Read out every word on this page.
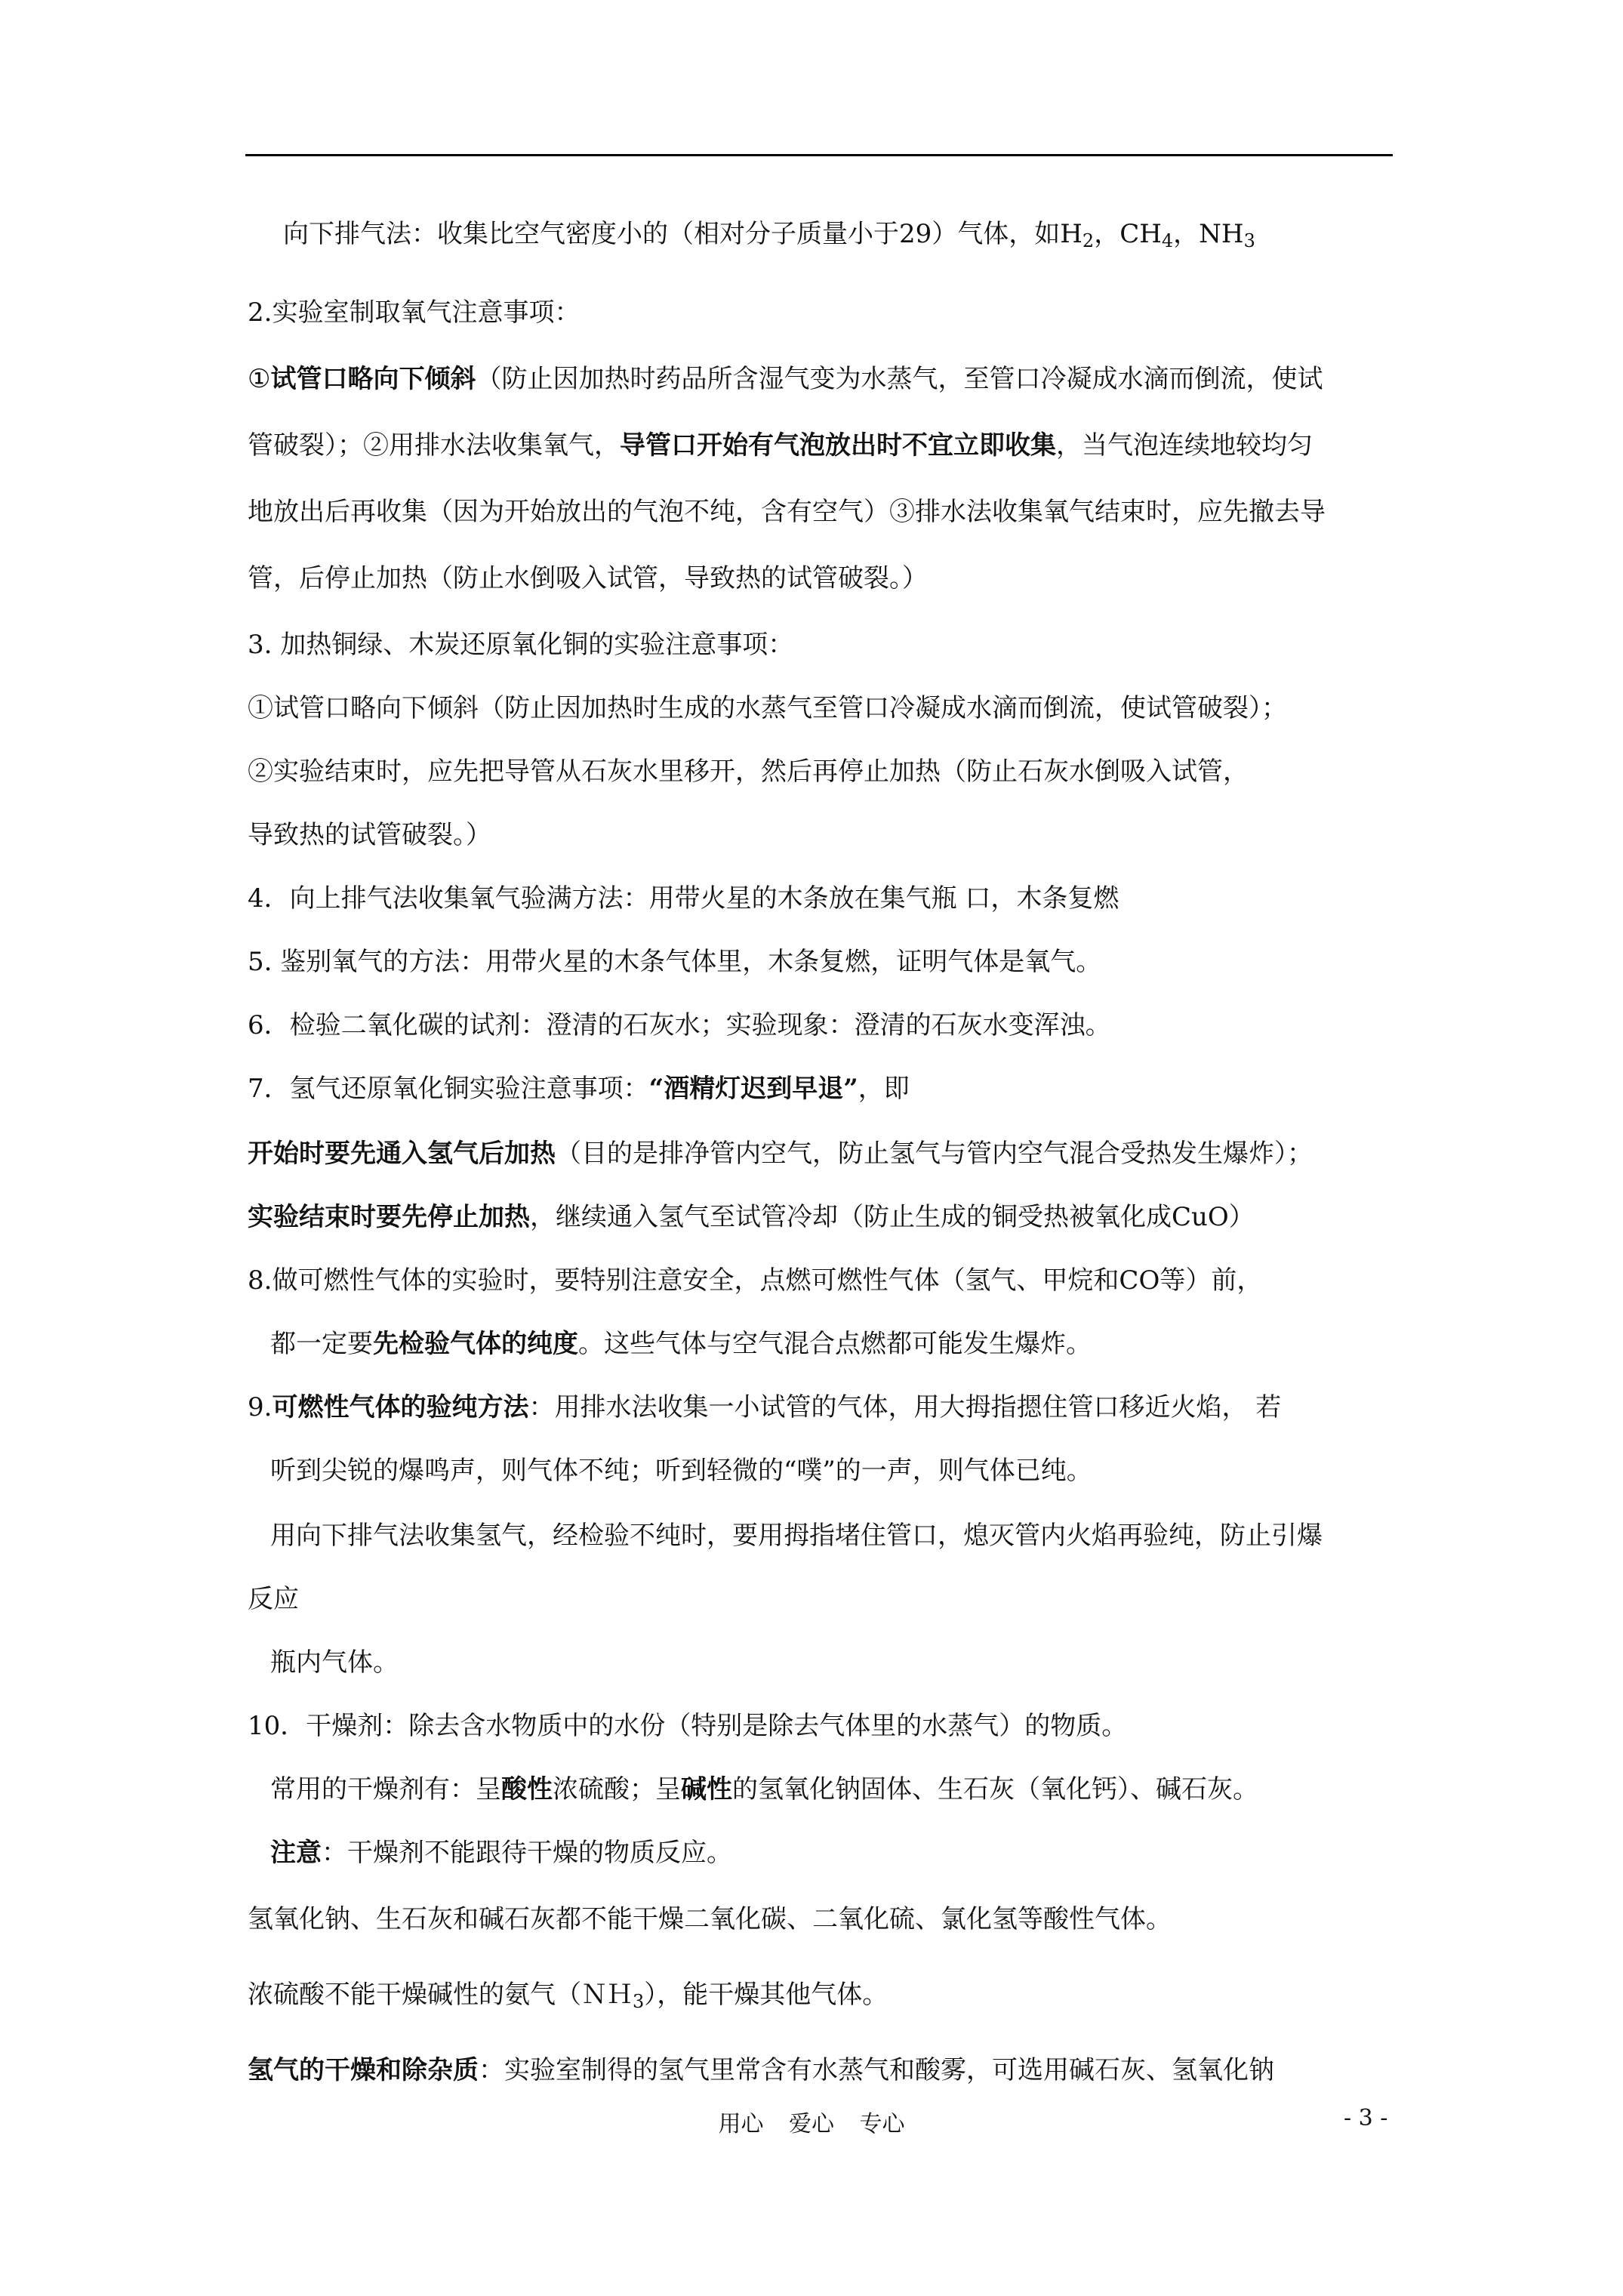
向下排气法：收集比空气密度小的（相对分子质量小于29）气体，如$H_2$，$CH_4$，$NH_3$
2.实验室制取氧气注意事项：
①试管口略向下倾斜（防止因加热时药品所含湿气变为水蒸气，至管口冷凝成水滴而倒流，使试
管破裂）；②用排水法收集氧气，导管口开始有气泡放出时不宜立即收集，当气泡连续地较均匀
地放出后再收集（因为开始放出的气泡不纯，含有空气）③排水法收集氧气结束时，应先撤去导
管，后停止加热（防止水倒吸入试管，导致热的试管破裂。）
3. 加热铜绿、木炭还原氧化铜的实验注意事项：
①试管口略向下倾斜（防止因加热时生成的水蒸气至管口冷凝成水滴而倒流，使试管破裂）；
②实验结束时，应先把导管从石灰水里移开，然后再停止加热（防止石灰水倒吸入试管，
导致热的试管破裂。）
4．向上排气法收集氧气验满方法：用带火星的木条放在集气瓶 口，木条复燃
5. 鉴别氧气的方法：用带火星的木条气体里，木条复燃，证明气体是氧气。
6．检验二氧化碳的试剂：澄清的石灰水；实验现象：澄清的石灰水变浑浊。
7．氢气还原氧化铜实验注意事项：“酒精灯迟到早退”，即
开始时要先通入氢气后加热（目的是排净管内空气，防止氢气与管内空气混合受热发生爆炸）；
实验结束时要先停止加热，继续通入氢气至试管冷却（防止生成的铜受热被氧化成CuO）
8.做可燃性气体的实验时，要特别注意安全，点燃可燃性气体（氢气、甲烷和CO等）前，
都一定要先检验气体的纯度。这些气体与空气混合点燃都可能发生爆炸。
9.可燃性气体的验纯方法：用排水法收集一小试管的气体，用大拇指摁住管口移近火焰， 若
听到尖锐的爆鸣声，则气体不纯；听到轻微的“噗”的一声，则气体已纯。
用向下排气法收集氢气，经检验不纯时，要用拇指堵住管口，熄灭管内火焰再验纯，防止引爆
反应
瓶内气体。
10．干燥剂：除去含水物质中的水份（特别是除去气体里的水蒸气）的物质。
常用的干燥剂有：呈酸性浓硫酸；呈碱性的氢氧化钠固体、生石灰（氧化钙）、碱石灰。
注意：干燥剂不能跟待干燥的物质反应。
氢氧化钠、生石灰和碱石灰都不能干燥二氧化碳、二氧化硫、氯化氢等酸性气体。
浓硫酸不能干燥碱性的氨气（ＮＨ$_3$），能干燥其他气体。
氢气的干燥和除杂质：实验室制得的氢气里常含有水蒸气和酸雾，可选用碱石灰、氢氧化钠
用心 爱心 专心	- 3 -
